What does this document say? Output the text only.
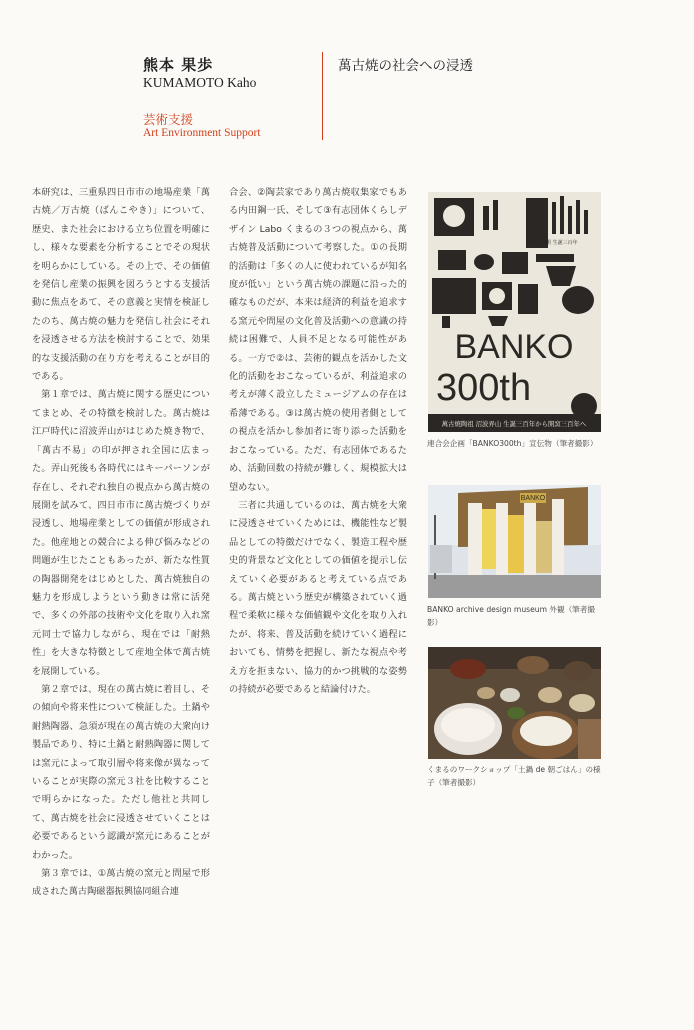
熊本 果歩
KUMAMOTO Kaho
芸術支援
Art Environment Support
萬古焼の社会への浸透

本研究は、三重県四日市市の地場産業「萬古焼／万古焼（ばんこやき）」について、歴史、また社会における立ち位置を明確にし、様々な要素を分析することでその現状を明らかにしている。その上で、その価値を発信し産業の振興を図ろうとする支援活動に焦点をあて、その意義と実情を検証したのち、萬古焼の魅力を発信し社会にそれを浸透させる方法を検討することで、効果的な支援活動の在り方を考えることが目的である。

第１章では、萬古焼に関する歴史についてまとめ、その特徴を検討した。萬古焼は江戸時代に沼波弄山がはじめた焼き物で、「萬古不易」の印が押され全国に広まった。弄山死後も各時代にはキーパーソンが存在し、それぞれ独自の視点から萬古焼の展開を試みて、四日市市に萬古焼づくりが浸透し、地場産業としての価値が形成された。他産地との競合による伸び悩みなどの問題が生じたこともあったが、新たな性質の陶器開発をはじめとした、萬古焼独自の魅力を形成しようという動きは常に活発で、多くの外部の技術や文化を取り入れ窯元同士で協力しながら、現在では「耐熱性」を大きな特徴として産地全体で萬古焼を展開している。

第２章では、現在の萬古焼に着目し、その傾向や将来性について検証した。土鍋や耐熱陶器、急須が現在の萬古焼の大衆向け製品であり、特に土鍋と耐熱陶器に関しては窯元によって取引層や将来像が異なっていることが実際の窯元３社を比較することで明らかになった。ただし他社と共同して、萬古焼を社会に浸透させていくことは必要であるという認識が窯元にあることがわかった。

第３章では、①萬古焼の窯元と問屋で形成された萬古陶磁器振興協同組合連

合会、②陶芸家であり萬古焼収集家でもある内田鋼一氏、そして③有志団体くらしデザイン Labo くまるの３つの視点から、萬古焼普及活動について考察した。①の長期的活動は「多くの人に使われているが知名度が低い」という萬古焼の課題に沿った的確なものだが、本来は経済的利益を追求する窯元や問屋の文化普及活動への意識の持続は困難で、人員不足となる可能性がある。一方で②は、芸術的観点を活かした文化的活動をおこなっているが、利益追求の考えが薄く設立したミュージアムの存在は希薄である。③は萬古焼の使用者側としての視点を活かし参加者に寄り添った活動をおこなっている。ただ、有志団体であるため、活動回数の持続が難しく、規模拡大は望めない。

三者に共通しているのは、萬古焼を大衆に浸透させていくためには、機能性など製品としての特徴だけでなく、製造工程や歴史的背景など文化としての価値を提示し伝えていく必要があると考えている点である。萬古焼という歴史が構築されていく過程で柔軟に様々な価値観や文化を取り入れたが、将来、普及活動を続けていく過程においても、情勢を把握し、新たな視点や考え方を拒まない、協力的かつ挑戦的な姿勢の持続が必要であると結論付けた。

BANKO
300th
萬古焼陶祖 沼波弄山 生誕三百年から開窯三百年へ
沼波弄山顕 生誕三百年
連合会企画「BANKO300th」宣伝物（筆者撮影）
BANKO
BANKO archive design museum 外観（筆者撮影）
くまるのワークショップ「土鍋 de 朝ごはん」の様子（筆者撮影）
